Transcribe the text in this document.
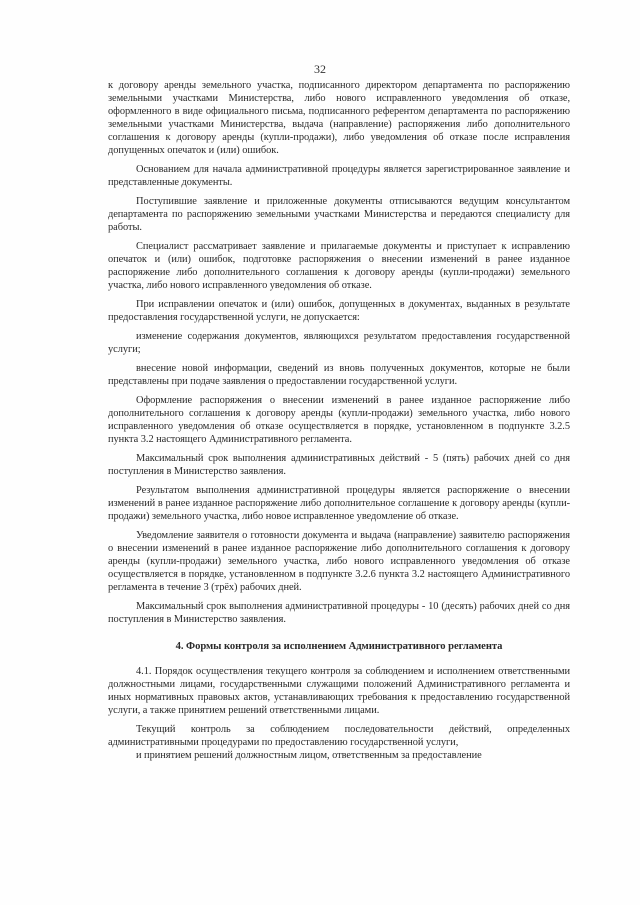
32

к договору аренды земельного участка, подписанного директором департамента по распоряжению земельными участками Министерства, либо нового исправленного уведомления об отказе, оформленного в виде официального письма, подписанного референтом департамента по распоряжению земельными участками Министерства, выдача (направление) распоряжения либо дополнительного соглашения к договору аренды (купли-продажи), либо уведомления об отказе после исправления допущенных опечаток и (или) ошибок.

Основанием для начала административной процедуры является зарегистрированное заявление и представленные документы.

Поступившие заявление и приложенные документы отписываются ведущим консультантом департамента по распоряжению земельными участками Министерства и передаются специалисту для работы.

Специалист рассматривает заявление и прилагаемые документы и приступает к исправлению опечаток и (или) ошибок, подготовке распоряжения о внесении изменений в ранее изданное распоряжение либо дополнительного соглашения к договору аренды (купли-продажи) земельного участка, либо нового исправленного уведомления об отказе.

При исправлении опечаток и (или) ошибок, допущенных в документах, выданных в результате предоставления государственной услуги, не допускается:

изменение содержания документов, являющихся результатом предоставления государственной услуги;

внесение новой информации, сведений из вновь полученных документов, которые не были представлены при подаче заявления о предоставлении государственной услуги.

Оформление распоряжения о внесении изменений в ранее изданное распоряжение либо дополнительного соглашения к договору аренды (купли-продажи) земельного участка, либо нового исправленного уведомления об отказе осуществляется в порядке, установленном в подпункте 3.2.5 пункта 3.2 настоящего Административного регламента.

Максимальный срок выполнения административных действий - 5 (пять) рабочих дней со дня поступления в Министерство заявления.

Результатом выполнения административной процедуры является распоряжение о внесении изменений в ранее изданное распоряжение либо дополнительное соглашение к договору аренды (купли-продажи) земельного участка, либо новое исправленное уведомление об отказе.

Уведомление заявителя о готовности документа и выдача (направление) заявителю распоряжения о внесении изменений в ранее изданное распоряжение либо дополнительного соглашения к договору аренды (купли-продажи) земельного участка, либо нового исправленного уведомления об отказе осуществляется в порядке, установленном в подпункте 3.2.6 пункта 3.2 настоящего Административного регламента в течение 3 (трёх) рабочих дней.

Максимальный срок выполнения административной процедуры - 10 (десять) рабочих дней со дня поступления в Министерство заявления.

4. Формы контроля за исполнением Административного регламента

4.1. Порядок осуществления текущего контроля за соблюдением и исполнением ответственными должностными лицами, государственными служащими положений Административного регламента и иных нормативных правовых актов, устанавливающих требования к предоставлению государственной услуги, а также принятием решений ответственными лицами.

Текущий контроль за соблюдением последовательности действий, определенных административными процедурами по предоставлению государственной услуги,

и принятием решений должностным лицом, ответственным за предоставление
